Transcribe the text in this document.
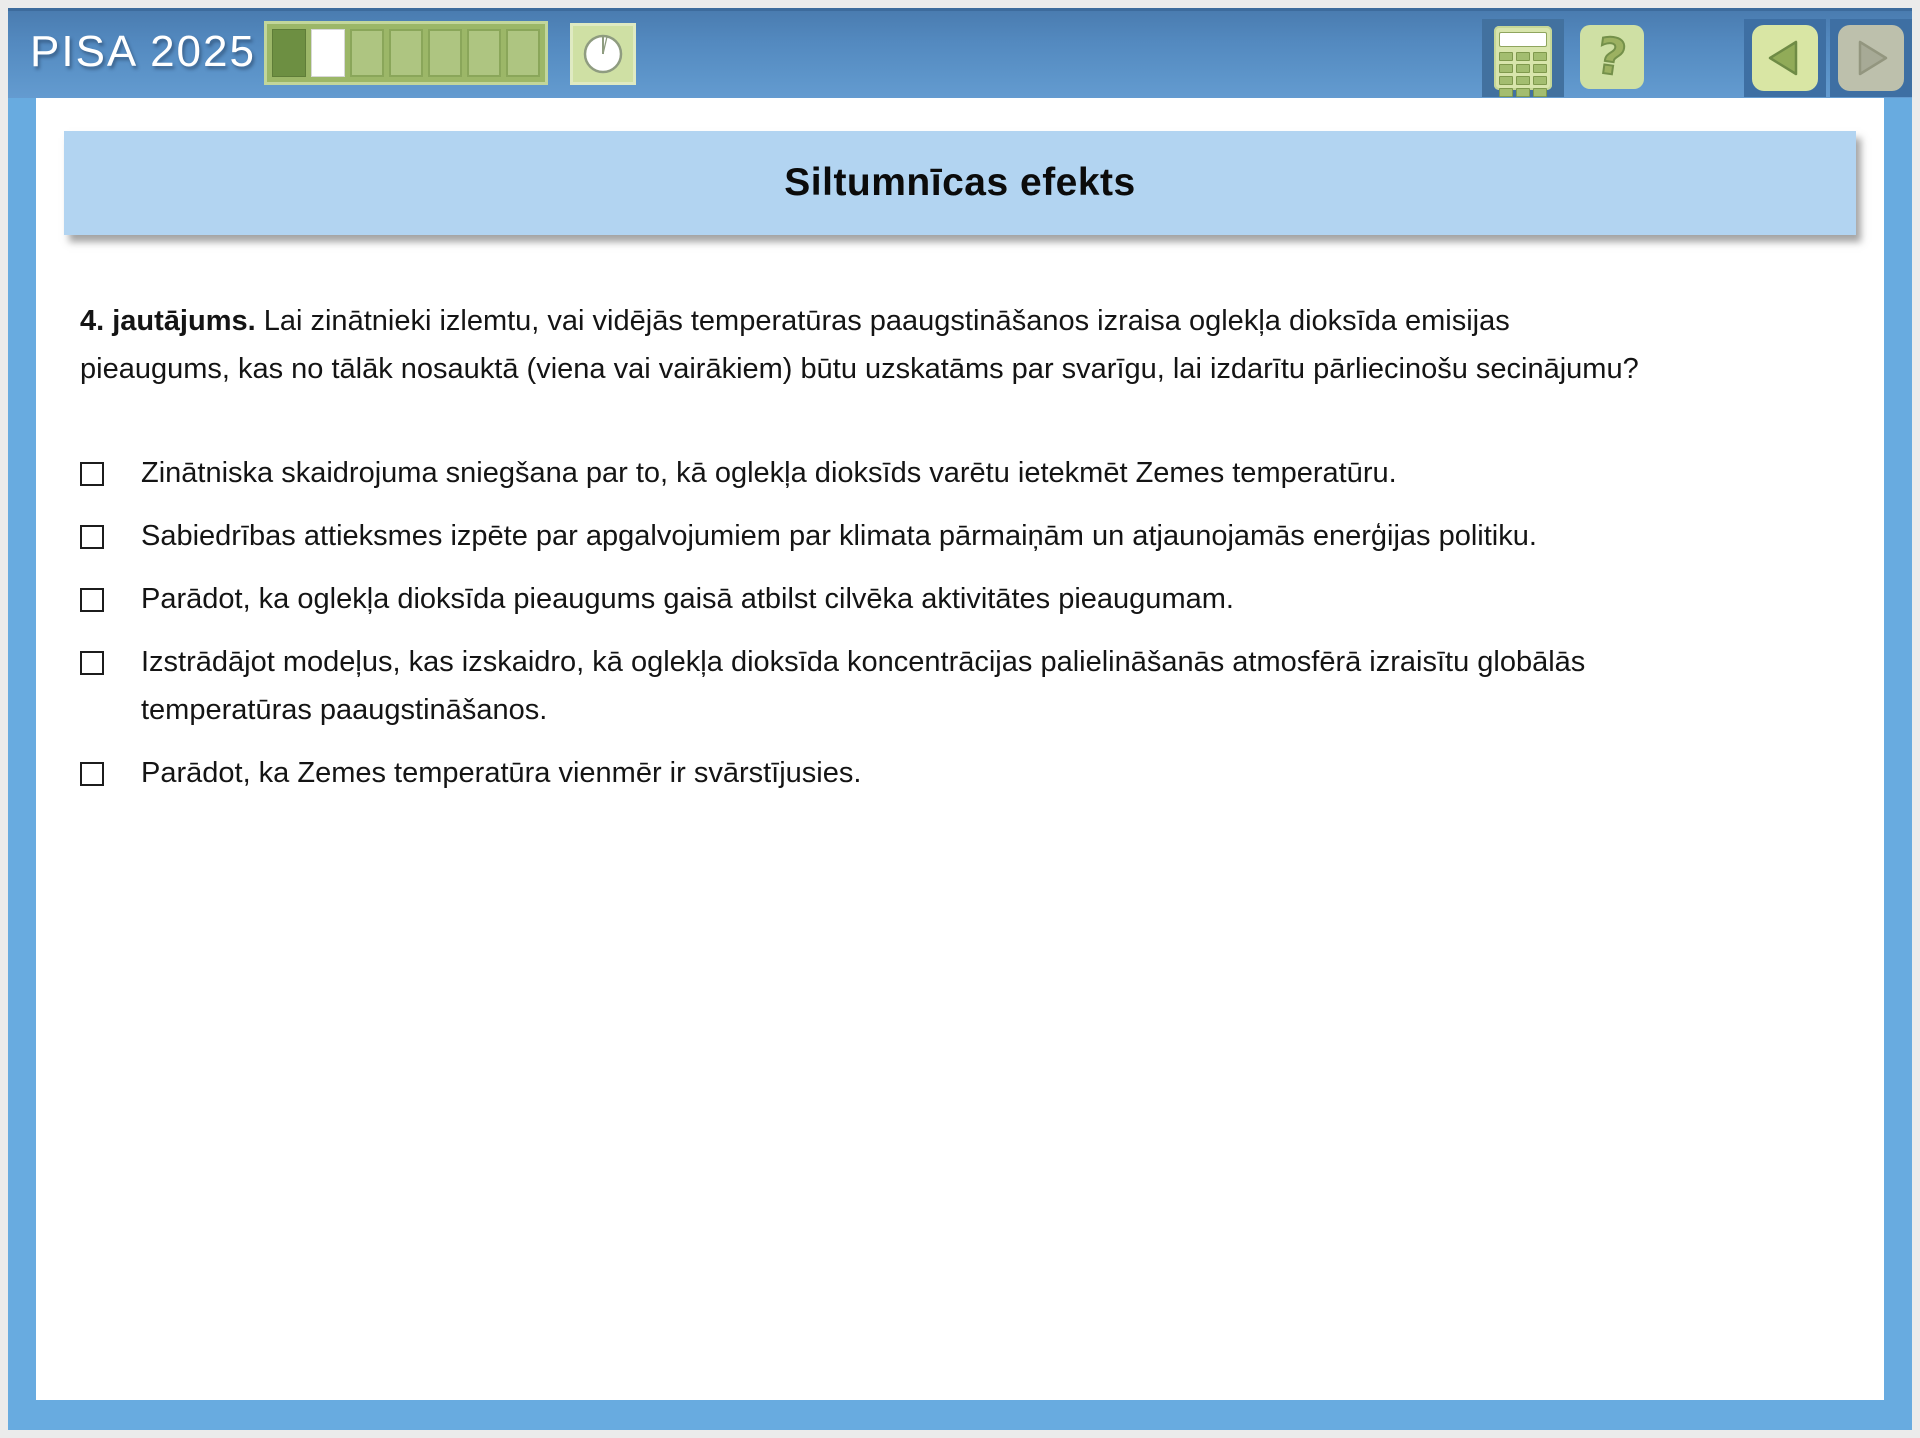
PISA 2025	?
Siltumnīcas efekts

4. jautājums. Lai zinātnieki izlemtu, vai vidējās temperatūras paaugstināšanos izraisa oglekļa dioksīda emisijas pieaugums, kas no tālāk nosauktā (viena vai vairākiem) būtu uzskatāms par svarīgu, lai izdarītu pārliecinošu secinājumu?

Zinātniska skaidrojuma sniegšana par to, kā oglekļa dioksīds varētu ietekmēt Zemes temperatūru.
Sabiedrības attieksmes izpēte par apgalvojumiem par klimata pārmaiņām un atjaunojamās enerģijas politiku.
Parādot, ka oglekļa dioksīda pieaugums gaisā atbilst cilvēka aktivitātes pieaugumam.
Izstrādājot modeļus, kas izskaidro, kā oglekļa dioksīda koncentrācijas palielināšanās atmosfērā izraisītu globālās temperatūras paaugstināšanos.
Parādot, ka Zemes temperatūra vienmēr ir svārstījusies.
